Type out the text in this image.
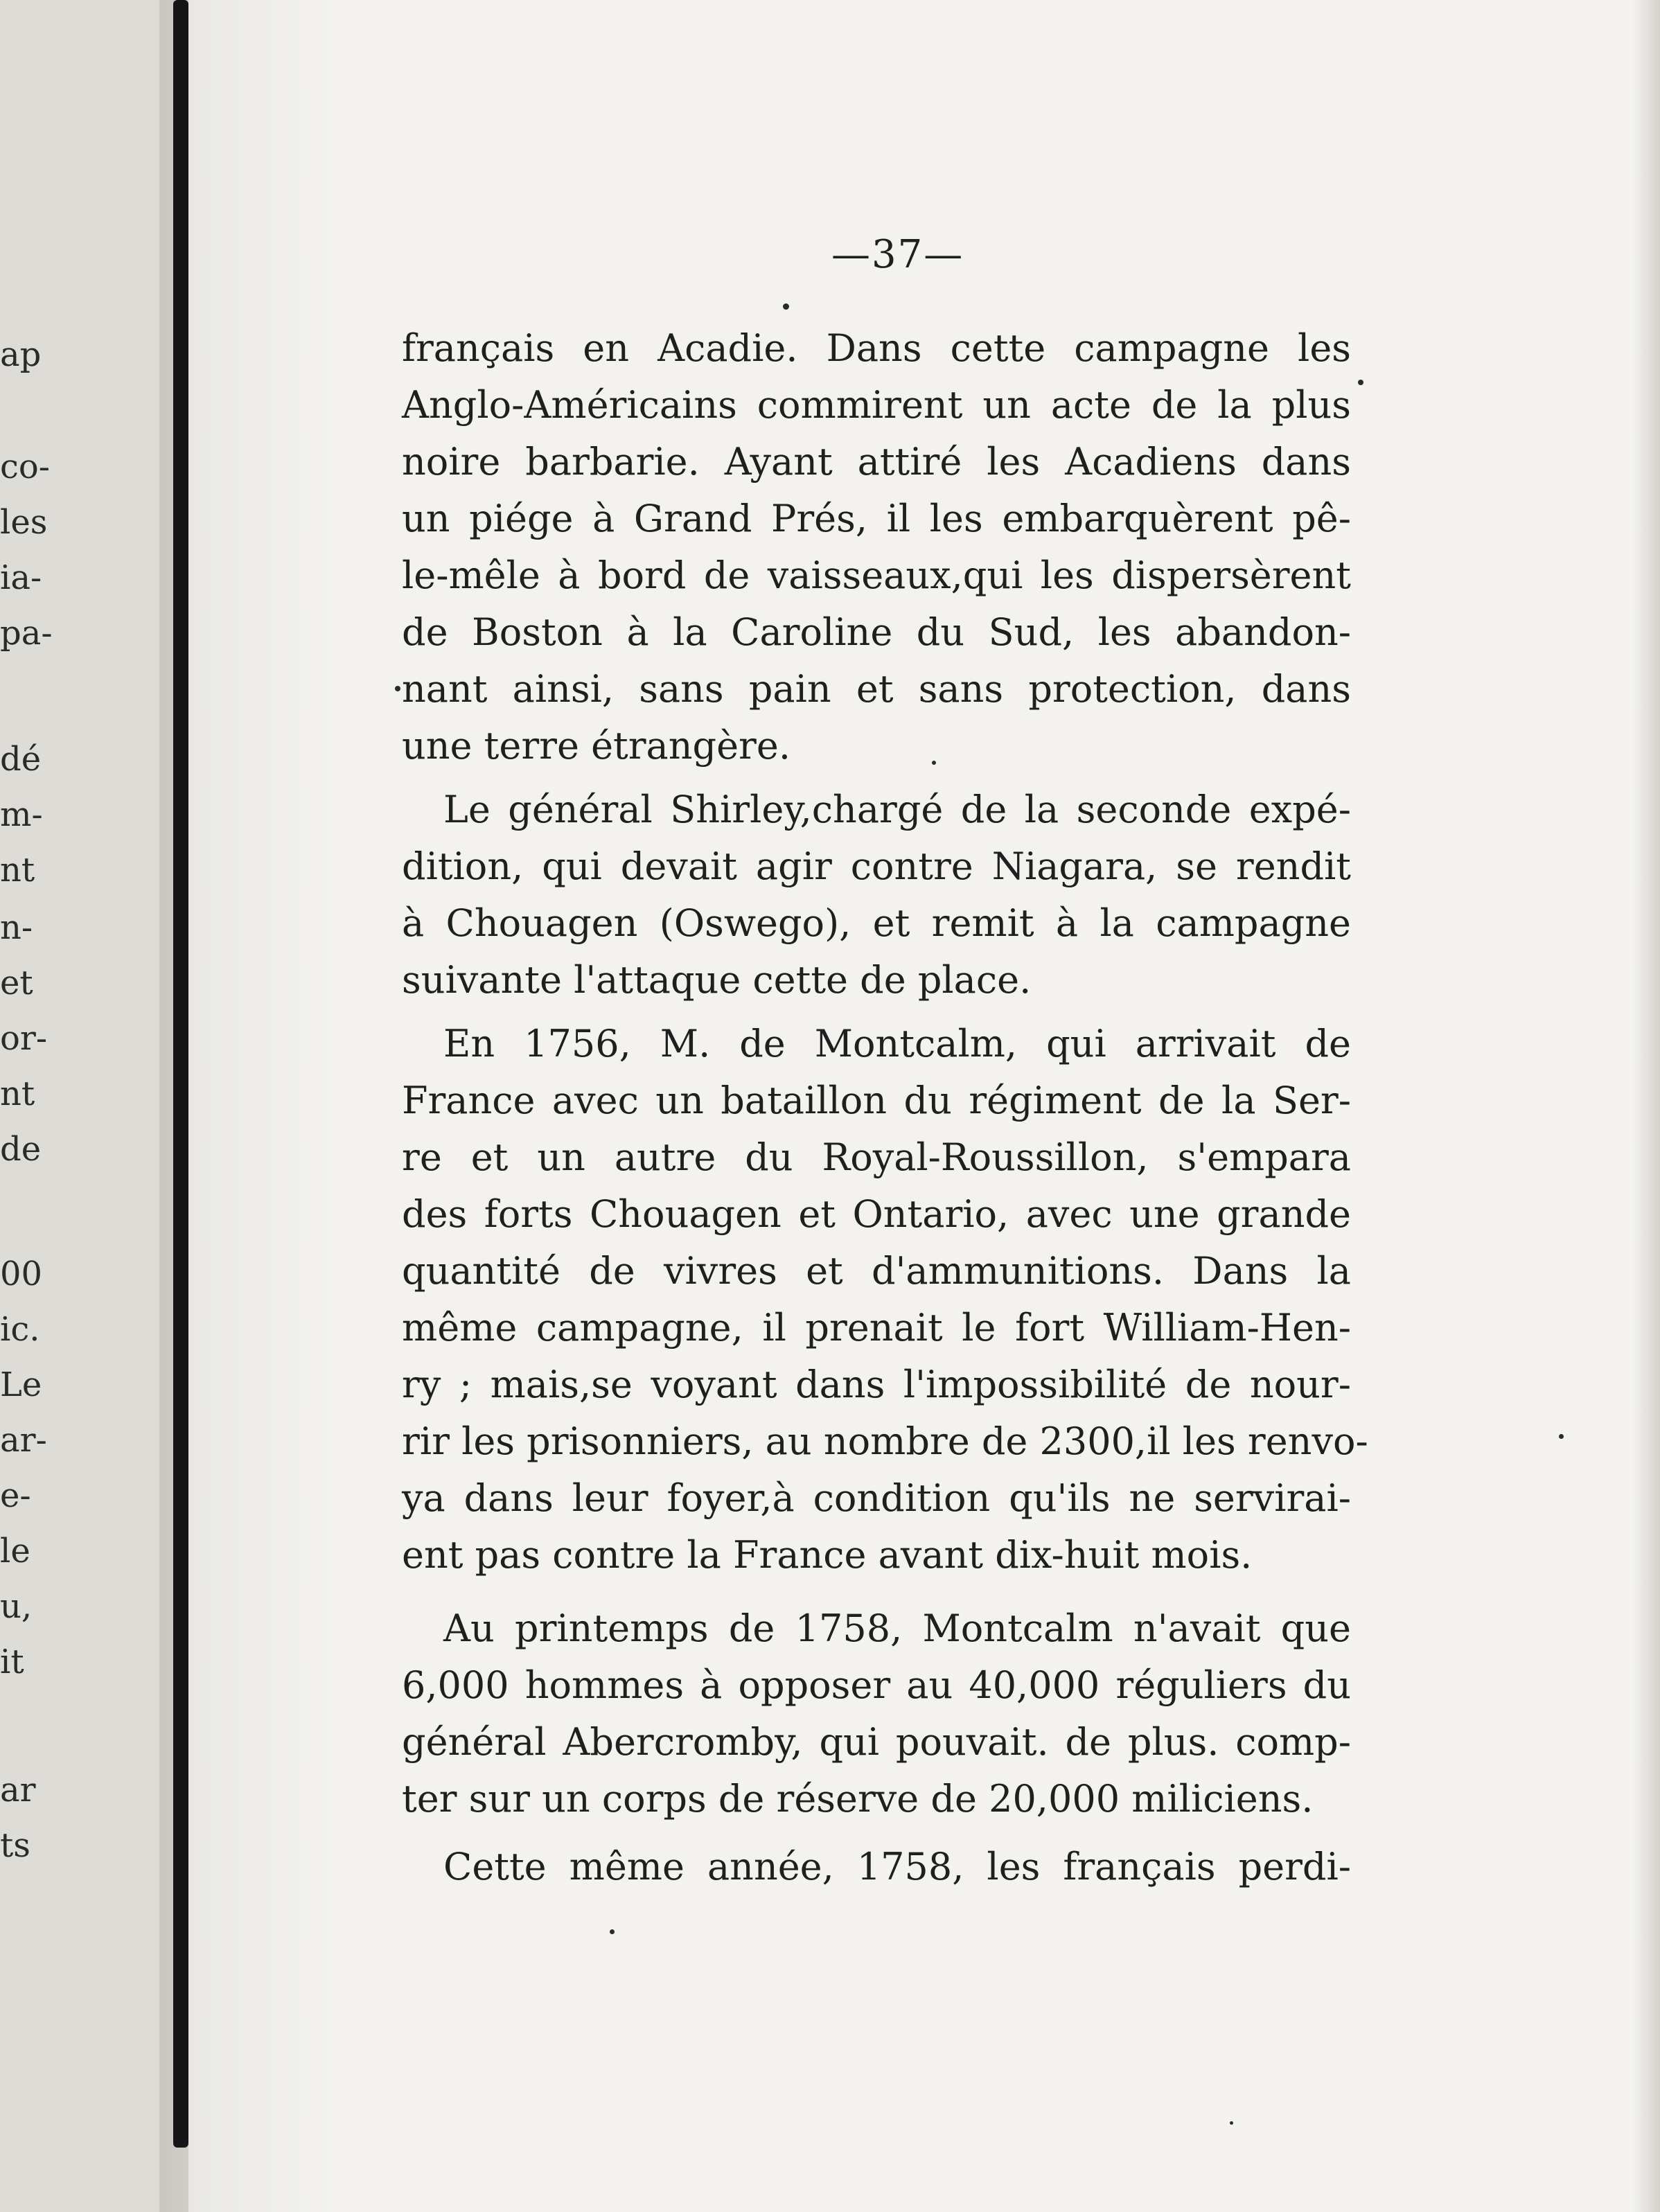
ap
co-
les
ia-
pa-
dé
m-
nt
n-
et
or-
nt
de
00
ic.
Le
ar-
e-
le
u,
it
ar
ts
—37—
français en Acadie. Dans cette campagne les
Anglo-Américains commirent un acte de la plus
noire barbarie. Ayant attiré les Acadiens dans
un piége à Grand Prés, il les embarquèrent pê-
le-mêle à bord de vaisseaux,qui les dispersèrent
de Boston à la Caroline du Sud, les abandon-
nant ainsi, sans pain et sans protection, dans
une terre étrangère.
Le général Shirley,chargé de la seconde expé-
dition, qui devait agir contre Niagara, se rendit
à Chouagen (Oswego), et remit à la campagne
suivante l'attaque cette de place.
En 1756, M. de Montcalm, qui arrivait de
France avec un bataillon du régiment de la Ser-
re et un autre du Royal-Roussillon, s'empara
des forts Chouagen et Ontario, avec une grande
quantité de vivres et d'ammunitions. Dans la
même campagne, il prenait le fort William-Hen-
ry ; mais,se voyant dans l'impossibilité de nour-
rir les prisonniers, au nombre de 2300,il les renvo-
ya dans leur foyer,à condition qu'ils ne servirai-
ent pas contre la France avant dix-huit mois.
Au printemps de 1758, Montcalm n'avait que
6,000 hommes à opposer au 40,000 réguliers du
général Abercromby, qui pouvait. de plus. comp-
ter sur un corps de réserve de 20,000 miliciens.
Cette même année, 1758, les français perdi-
